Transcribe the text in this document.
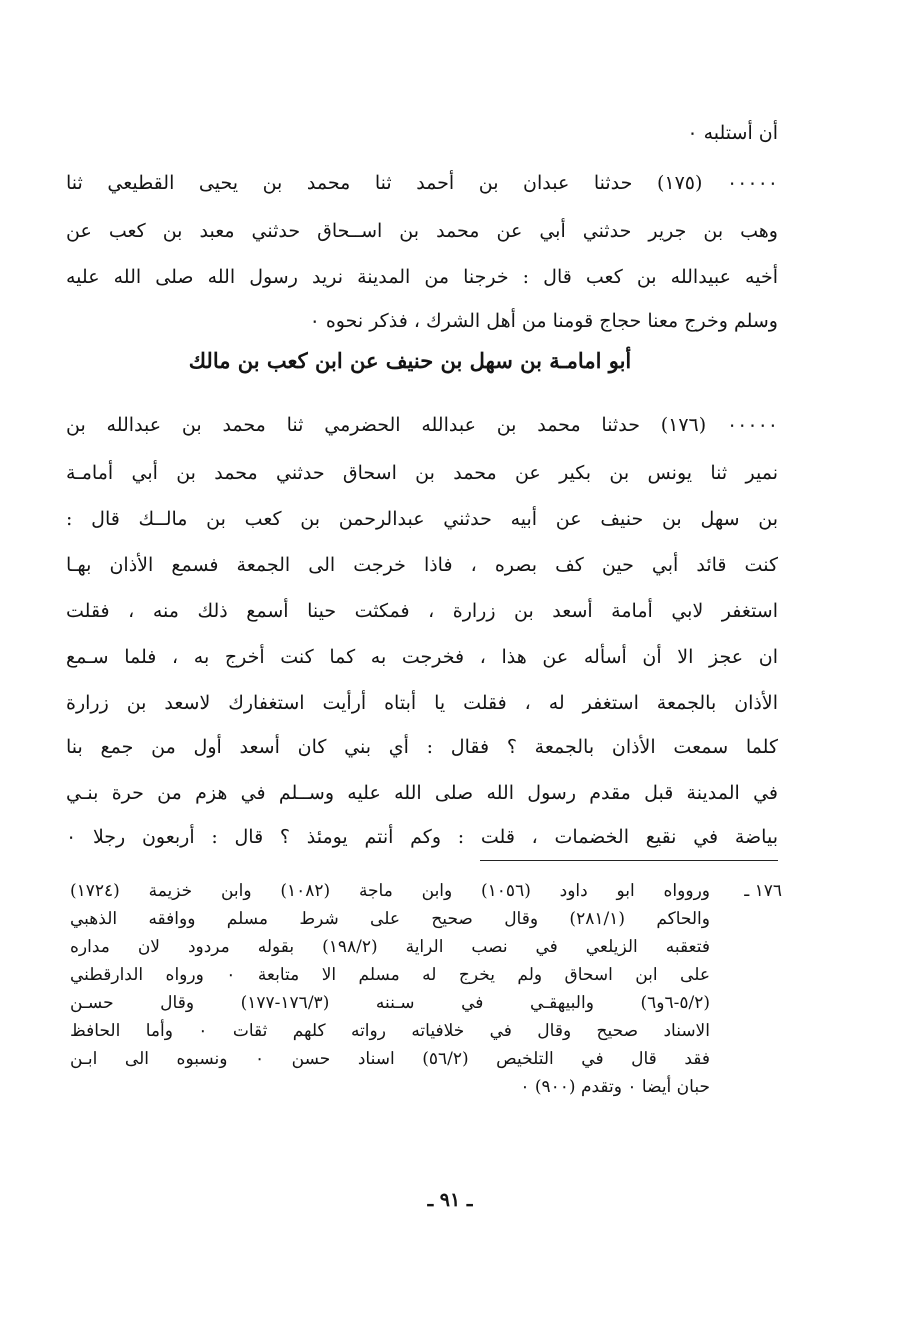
أن أستلبه ٠
٠٠٠٠٠ (١٧٥) حدثنا عبدان بن أحمد ثنا محمد بن يحيى القطيعي ثنا
وهب بن جرير حدثني أبي عن محمد بن اســحاق حدثني معبد بن كعب عن
أخيه عبيدالله بن كعب قال : خرجنا من المدينة نريد رسول الله صلى الله عليه
وسلم وخرج معنا حجاج قومنا من أهل الشرك ، فذكر نحوه ٠
أبو امامـة بن سهل بن حنيف عن ابن كعب بن مالك
٠٠٠٠٠ (١٧٦) حدثنا محمد بن عبدالله الحضرمي ثنا محمد بن عبدالله بن
نمير ثنا يونس بن بكير عن محمد بن اسحاق حدثني محمد بن أبي أمامـة
بن سهل بن حنيف عن أبيه حدثني عبدالرحمن بن كعب بن مالــك قال :
كنت قائد أبي حين كف بصره ، فاذا خرجت الى الجمعة فسمع الأذان بهـا
استغفر لابي أمامة أسعد بن زرارة ، فمكثت حينا أسمع ذلك منه ، فقلت
ان عجز الا أن أسأله عن هذا ، فخرجت به كما كنت أخرج به ، فلما سـمع
الأذان بالجمعة استغفر له ، فقلت يا أبتاه أرأيت استغفارك لاسعد بن زرارة
كلما سمعت الأذان بالجمعة ؟ فقال : أي بني كان أسعد أول من جمع بنا
في المدينة قبل مقدم رسول الله صلى الله عليه وســلم في هزم من حرة بنـي
بياضة في نقيع الخضمات ، قلت : وكم أنتم يومئذ ؟ قال : أربعون رجلا ٠
١٧٦ ـ
وروواه ابو داود (١٠٥٦) وابن ماجة (١٠٨٢) وابن خزيمة (١٧٢٤)
والحاكم (٢٨١/١) وقال صحيح على شرط مسلم ووافقه الذهبي
فتعقبه الزيلعي في نصب الراية (١٩٨/٢) بقوله مردود لان مداره
على ابن اسحاق ولم يخرج له مسلم الا متابعة ٠ ورواه الدارقطني
(٥/٢-٦و٦) والبيهقـي في سـننه (١٧٦/٣-١٧٧) وقال حسـن
الاسناد صحيح وقال في خلافياته رواته كلهم ثقات ٠ وأما الحافظ
فقد قال في التلخيص (٥٦/٢) اسناد حسن ٠ ونسبوه الى ابـن
حبان أيضا ٠ وتقدم (٩٠٠) ٠
ـ ٩١ ـ
